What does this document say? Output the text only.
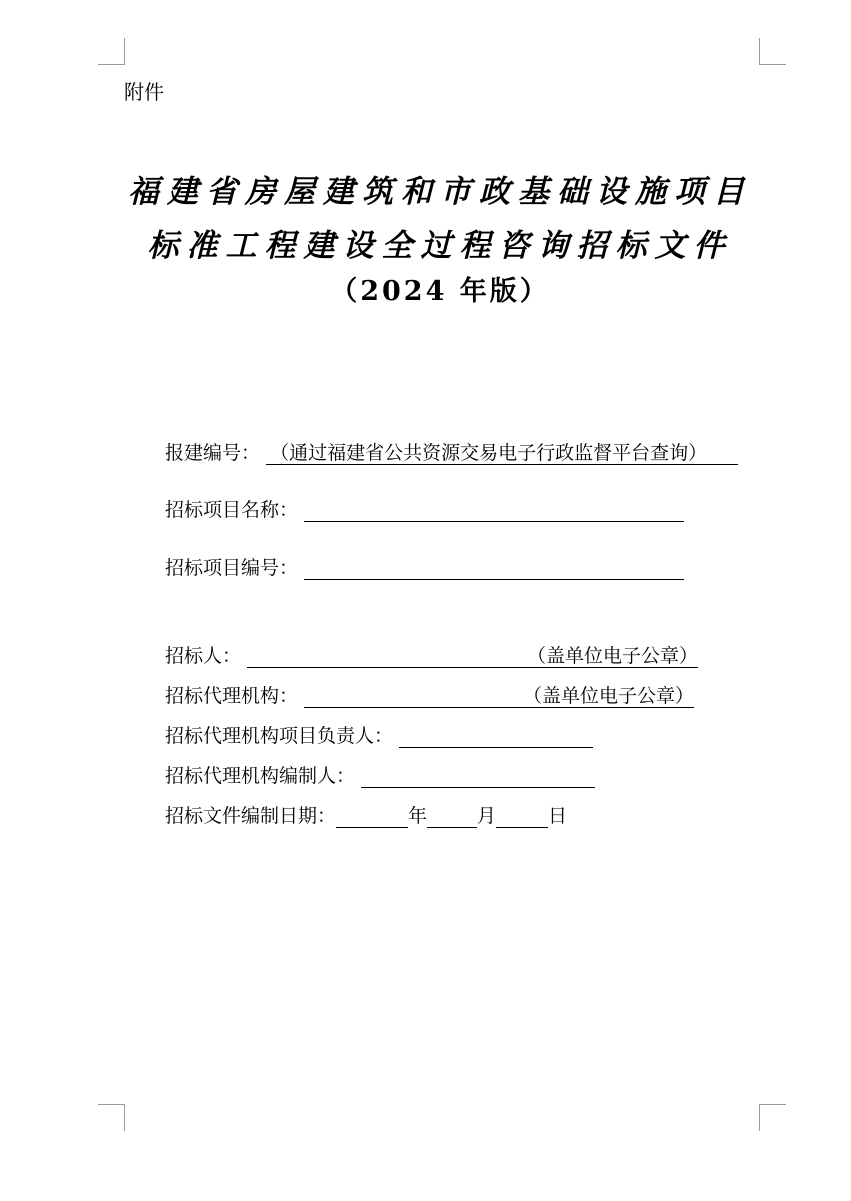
附件
福建省房屋建筑和市政基础设施项目
标准工程建设全过程咨询招标文件
（2024 年版）
报建编号： （通过福建省公共资源交易电子行政监督平台查询）
招标项目名称：
招标项目编号：
招标人：	（盖单位电子公章）
招标代理机构：	（盖单位电子公章）
招标代理机构项目负责人：
招标代理机构编制人：
招标文件编制日期：	年	月	日
